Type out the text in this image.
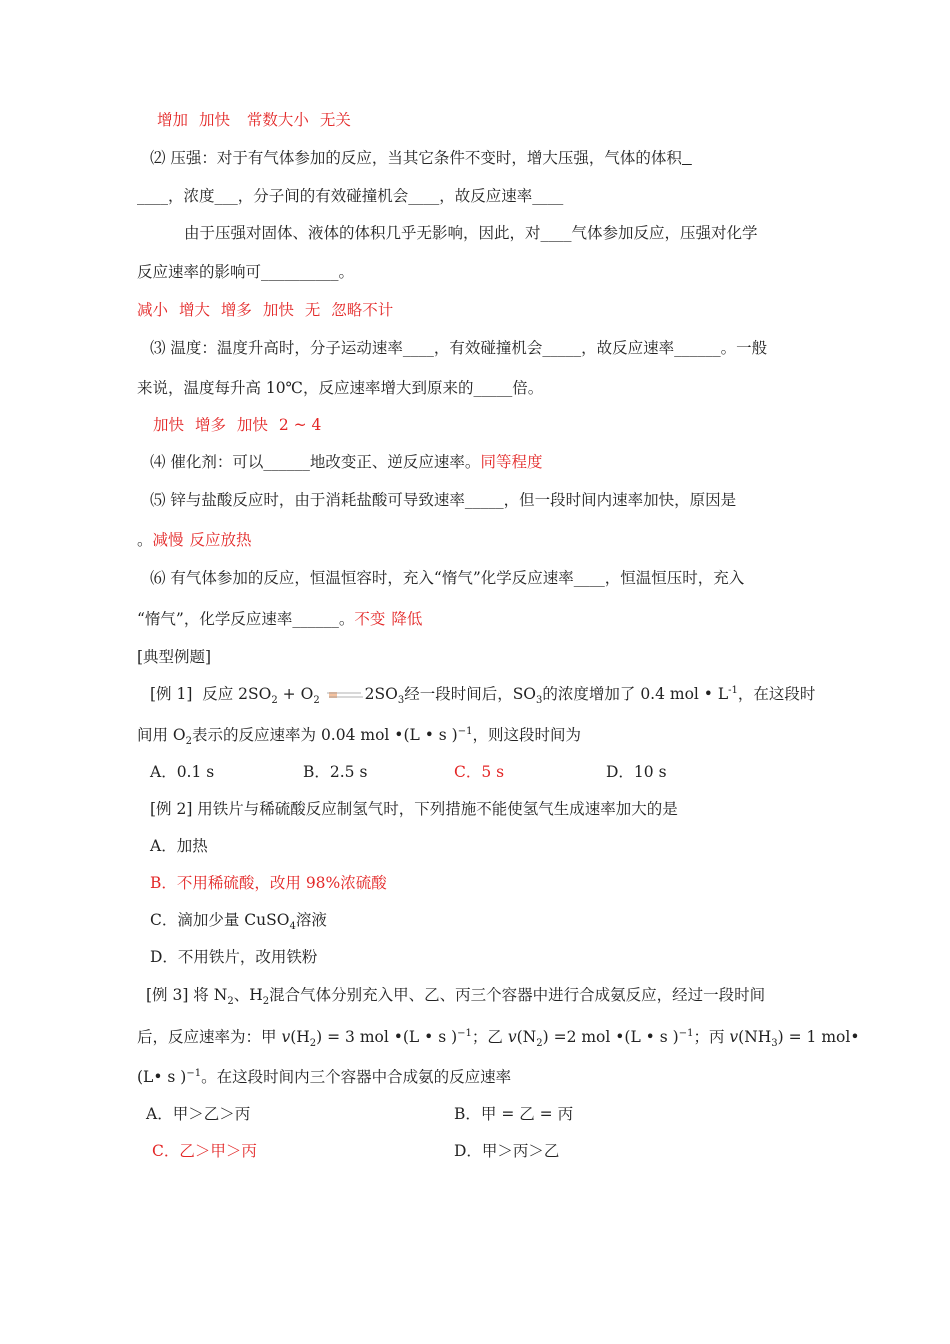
增加 加快 常数大小 无关
⑵ 压强：对于有气体参加的反应，当其它条件不变时，增大压强，气体的体积
____，浓度___，分子间的有效碰撞机会____，故反应速率____
由于压强对固体、液体的体积几乎无影响，因此，对____气体参加反应，压强对化学
反应速率的影响可__________。
减小 增大 增多 加快 无 忽略不计
⑶ 温度：温度升高时，分子运动速率____，有效碰撞机会_____，故反应速率______。一般
来说，温度每升高 10℃，反应速率增大到原来的_____倍。
加快 增多 加快 2 ~ 4
⑷ 催化剂：可以______地改变正、逆反应速率。同等程度
⑸ 锌与盐酸反应时，由于消耗盐酸可导致速率_____，但一段时间内速率加快，原因是
。减慢 反应放热
⑹ 有气体参加的反应，恒温恒容时，充入“惰气”化学反应速率____，恒温恒压时，充入
“惰气”，化学反应速率______。不变 降低
[典型例题]
[例 1] 反应 $2SO_2 + O_2$	$2SO_3$经一段时间后，$SO_3$的浓度增加了 0.4 mol • $L^{-1}$，在这段时
间用 $O_2$表示的反应速率为 0.04 mol •(L • s )$^{-1}$，则这段时间为
A．0.1 s	B．2.5 s	C．5 s	D．10 s
[例 2] 用铁片与稀硫酸反应制氢气时，下列措施不能使氢气生成速率加大的是
A．加热
B．不用稀硫酸，改用 98%浓硫酸
C．滴加少量 CuSO$_4$溶液
D．不用铁片，改用铁粉
[例 3] 将 $N_2$、$H_2$混合气体分别充入甲、乙、丙三个容器中进行合成氨反应，经过一段时间
后，反应速率为：甲 $v(H_2) = 3$ mol •(L • s )$^{-1}$；乙 $v(N_2) =2$ mol •(L • s )$^{-1}$；丙 $v(NH_3) = 1$ mol•
(L• s )$^{-1}$。在这段时间内三个容器中合成氨的反应速率
A．甲＞乙＞丙	B．甲 = 乙 = 丙
C．乙＞甲＞丙	D．甲＞丙＞乙
